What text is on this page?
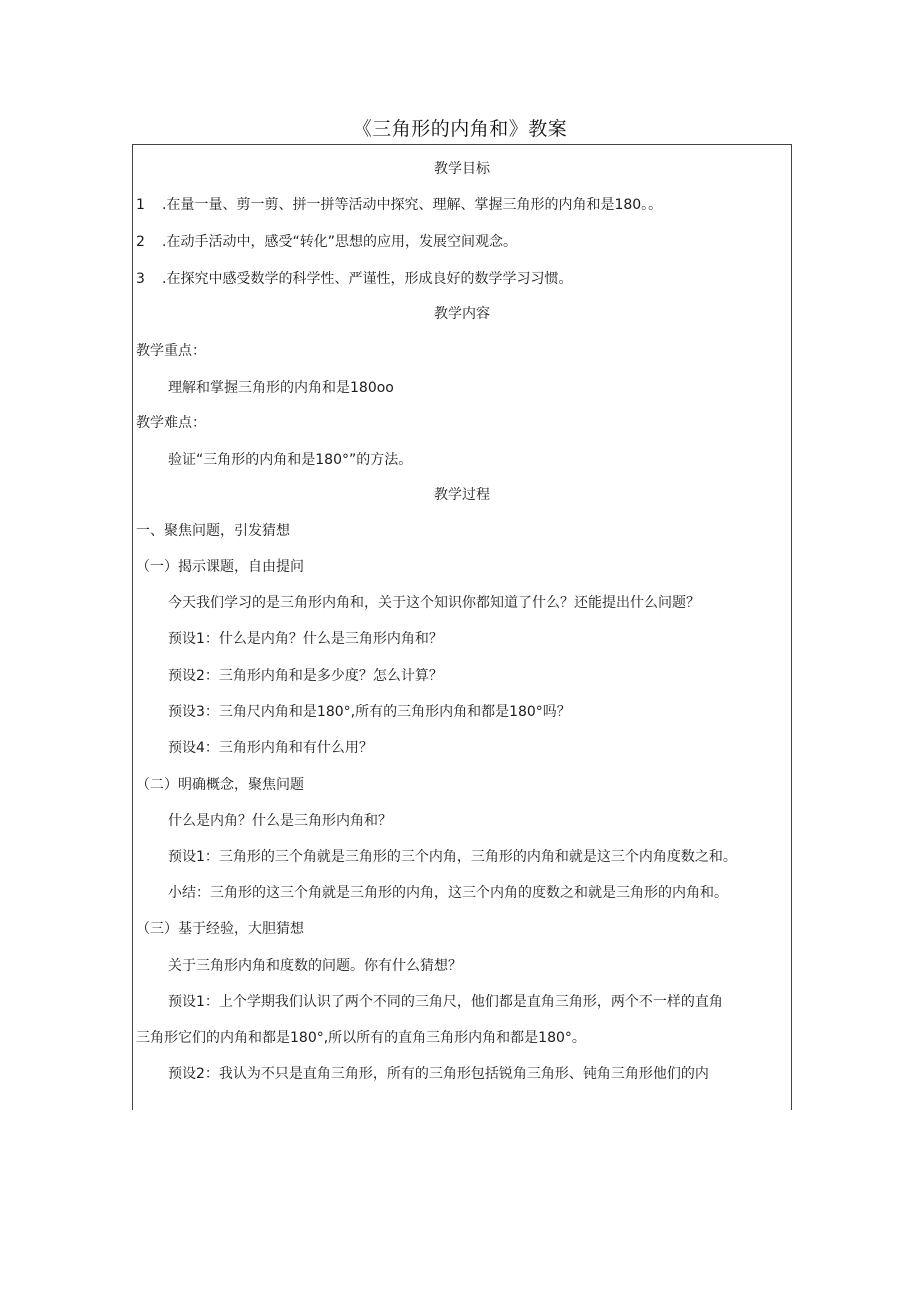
《三角形的内角和》教案
教学目标
1 .在量一量、剪一剪、拼一拼等活动中探究、理解、掌握三角形的内角和是180。。
2 .在动手活动中，感受“转化”思想的应用，发展空间观念。
3 .在探究中感受数学的科学性、严谨性，形成良好的数学学习习惯。
教学内容
教学重点：
理解和掌握三角形的内角和是180oo
教学难点：
验证“三角形的内角和是180°”的方法。
教学过程
一、聚焦问题，引发猜想
（一）揭示课题，自由提问
今天我们学习的是三角形内角和，关于这个知识你都知道了什么？还能提出什么问题？
预设1：什么是内角？什么是三角形内角和？
预设2：三角形内角和是多少度？怎么计算？
预设3：三角尺内角和是180°,所有的三角形内角和都是180°吗？
预设4：三角形内角和有什么用？
（二）明确概念，聚焦问题
什么是内角？什么是三角形内角和？
预设1：三角形的三个角就是三角形的三个内角，三角形的内角和就是这三个内角度数之和。
小结：三角形的这三个角就是三角形的内角，这三个内角的度数之和就是三角形的内角和。
（三）基于经验，大胆猜想
关于三角形内角和度数的问题。你有什么猜想？
预设1：上个学期我们认识了两个不同的三角尺，他们都是直角三角形，两个不一样的直角
三角形它们的内角和都是180°,所以所有的直角三角形内角和都是180°。
预设2：我认为不只是直角三角形，所有的三角形包括锐角三角形、钝角三角形他们的内
